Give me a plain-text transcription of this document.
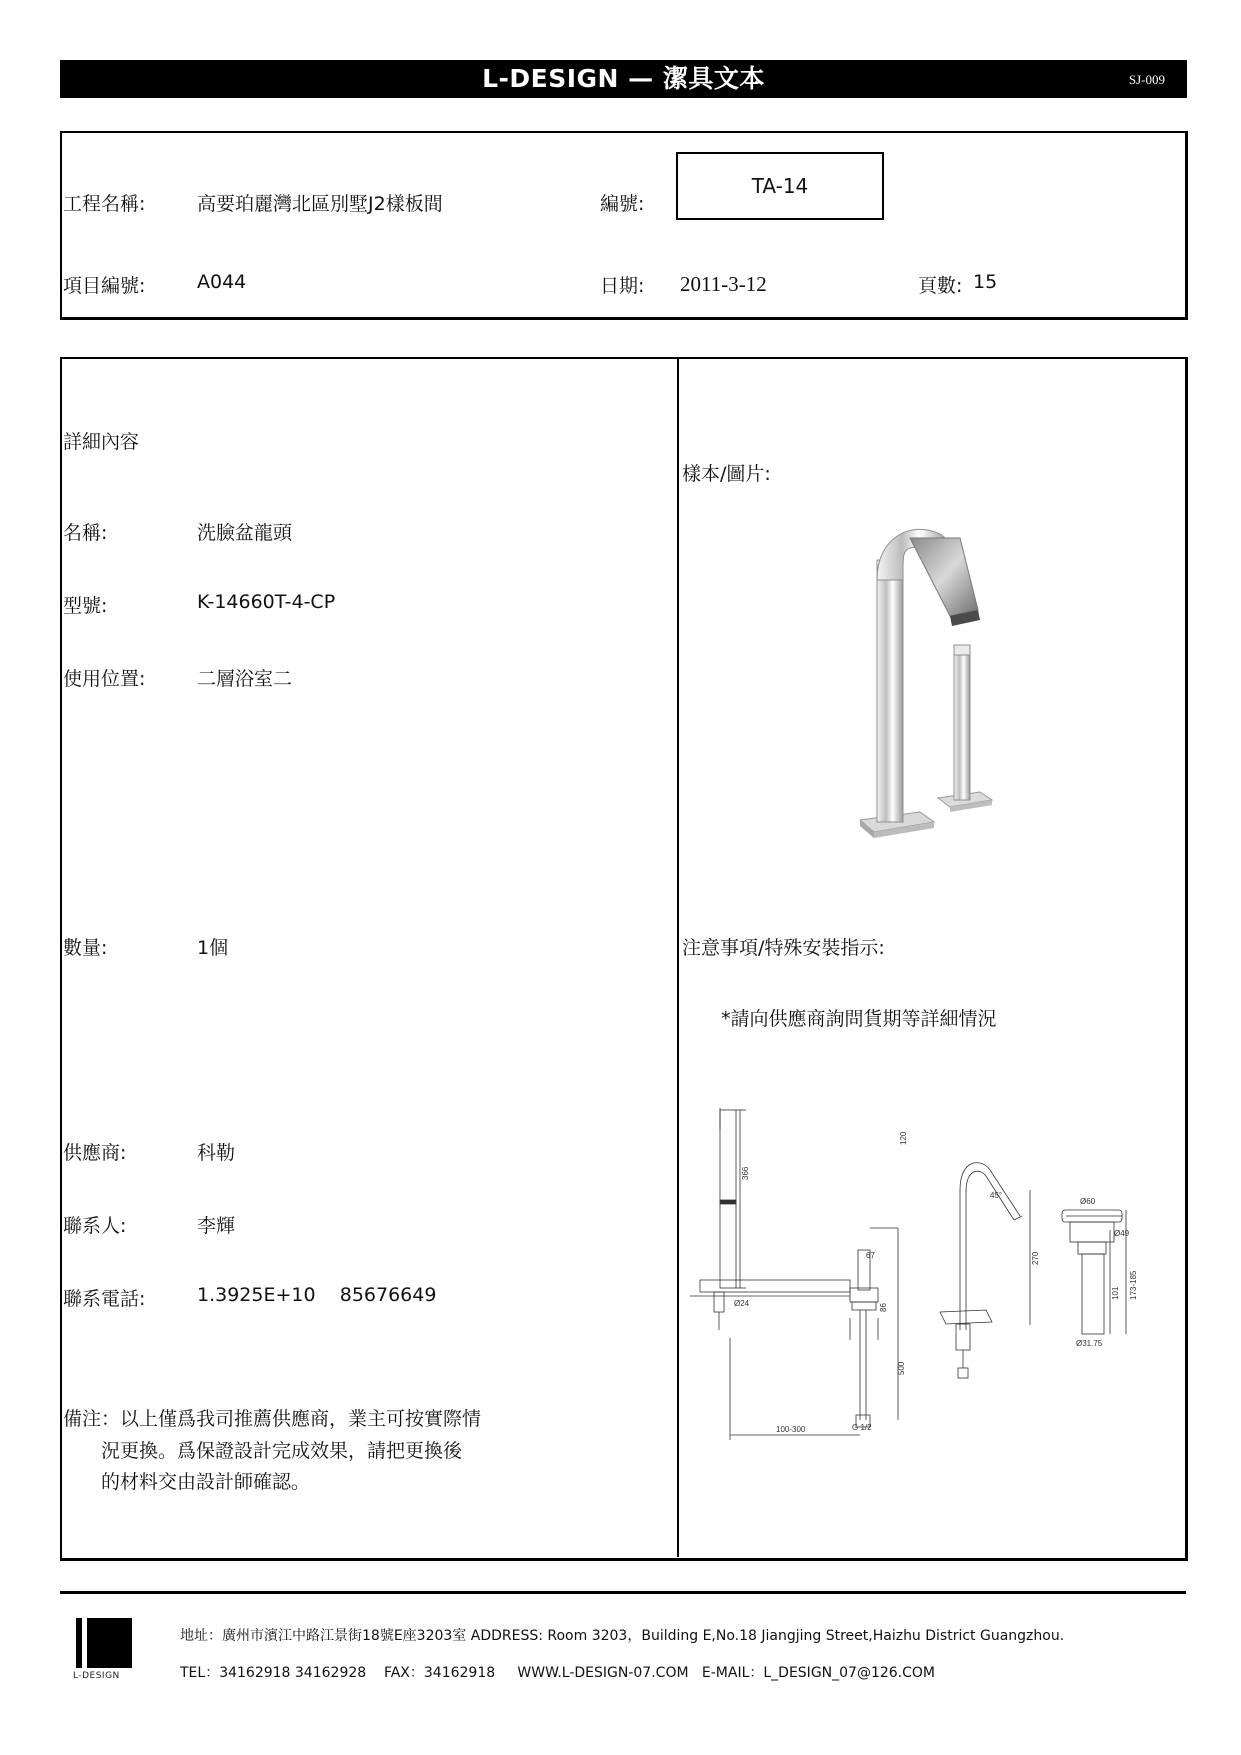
L-DESIGN — 潔具文本	SJ-009
工程名稱:	高要珀麗灣北區別墅J2樣板間	編號:
TA-14
項目編號:	A044	日期: 2011-3-12	頁數: 15
詳細內容
名稱:	洗臉盆龍頭
型號:	K-14660T-4-CP
使用位置:	二層浴室二
數量:	1個
供應商:	科勒
聯系人:	李輝
聯系電話:	1.3925E+10    85676649
備注：以上僅爲我司推薦供應商，業主可按實際情
況更換。爲保證設計完成效果，請把更換後
的材料交由設計師確認。
樣本/圖片:
注意事項/特殊安裝指示:
*請向供應商詢問貨期等詳細情況
366
120
500
100-300
45°
270
Ø60
Ø49
173-185
101
Ø24
G 1/2
Ø31.75
67
86
L-DESIGN
地址：廣州市濱江中路江景街18號E座3203室 ADDRESS: Room 3203，Building E,No.18 Jiangjing Street,Haizhu District Guangzhou.
TEL：34162918 34162928    FAX：34162918     WWW.L-DESIGN-07.COM   E-MAIL：L_DESIGN_07@126.COM
